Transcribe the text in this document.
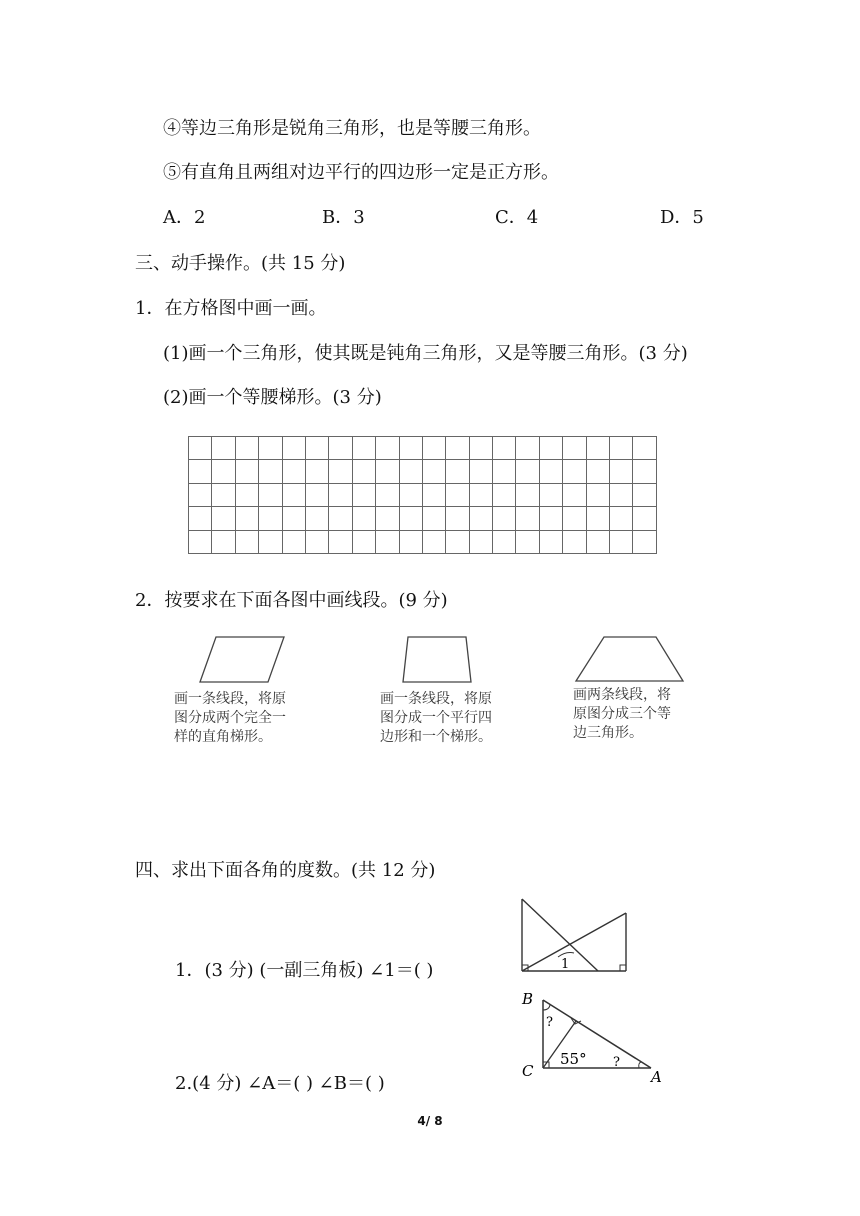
④等边三角形是锐角三角形，也是等腰三角形。
⑤有直角且两组对边平行的四边形一定是正方形。
A．2	B．3	C．4	D．5
三、动手操作。(共 15 分)
1．在方格图中画一画。
(1)画一个三角形，使其既是钝角三角形，又是等腰三角形。(3 分)
(2)画一个等腰梯形。(3 分)

2．按要求在下面各图中画线段。(9 分)
画一条线段，将原
图分成两个完全一
样的直角梯形。
画一条线段，将原
图分成一个平行四
边形和一个梯形。
画两条线段，将
原图分成三个等
边三角形。
四、求出下面各角的度数。(共 12 分)
1．(3 分) (一副三角板) ∠1＝( )
2.(4 分) ∠A＝( ) ∠B＝( )
1
B
C	A
55°
?
?
4/ 8
